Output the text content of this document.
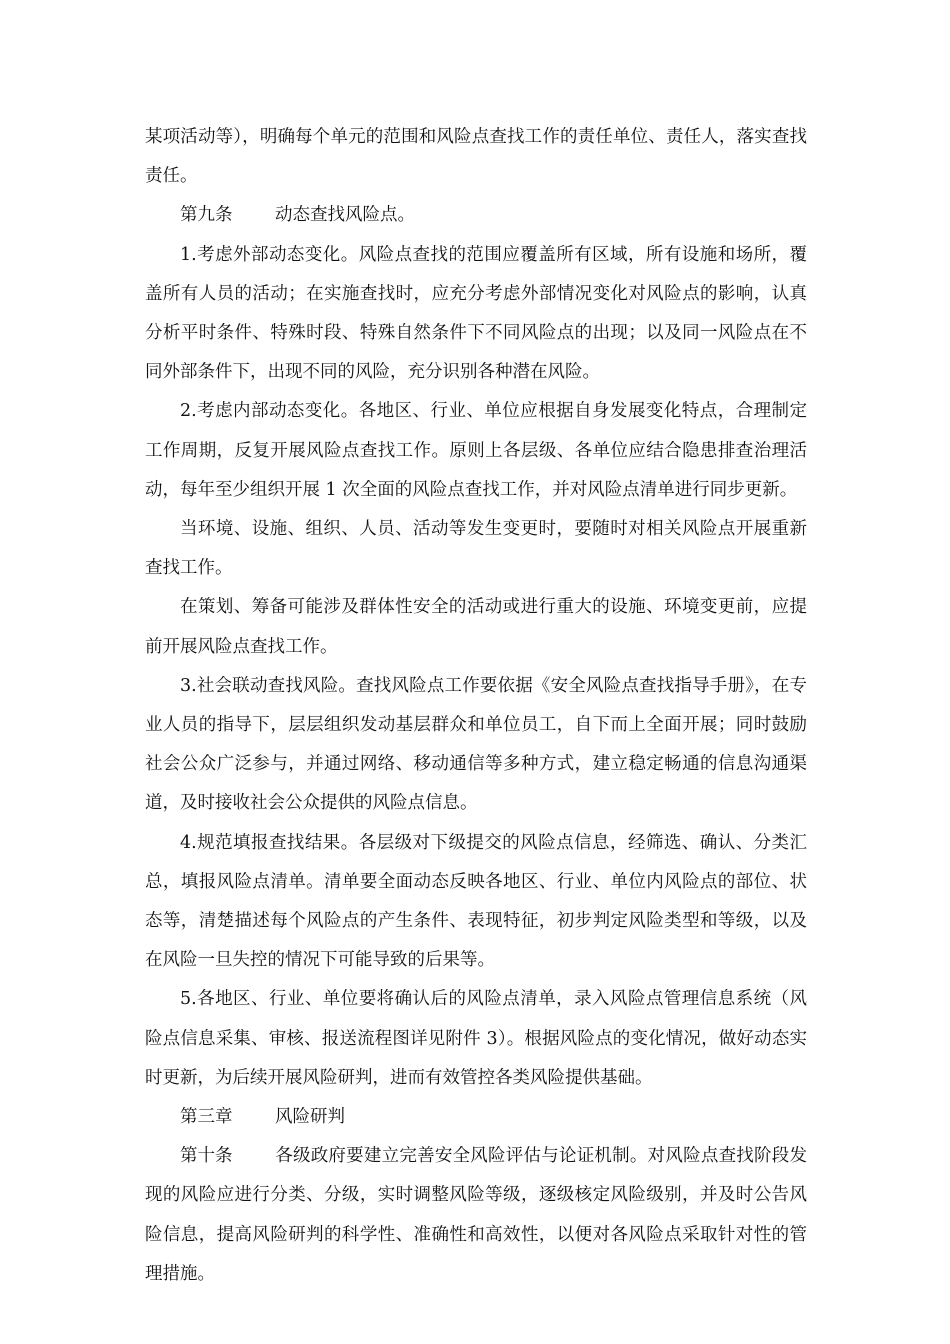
某项活动等），明确每个单元的范围和风险点查找工作的责任单位、责任人，落实查找责任。

第九条 动态查找风险点。

1.考虑外部动态变化。风险点查找的范围应覆盖所有区域，所有设施和场所，覆盖所有人员的活动；在实施查找时，应充分考虑外部情况变化对风险点的影响，认真分析平时条件、特殊时段、特殊自然条件下不同风险点的出现；以及同一风险点在不同外部条件下，出现不同的风险，充分识别各种潜在风险。

2.考虑内部动态变化。各地区、行业、单位应根据自身发展变化特点，合理制定工作周期，反复开展风险点查找工作。原则上各层级、各单位应结合隐患排查治理活动，每年至少组织开展 1 次全面的风险点查找工作，并对风险点清单进行同步更新。

当环境、设施、组织、人员、活动等发生变更时，要随时对相关风险点开展重新查找工作。

在策划、筹备可能涉及群体性安全的活动或进行重大的设施、环境变更前，应提前开展风险点查找工作。

3.社会联动查找风险。查找风险点工作要依据《安全风险点查找指导手册》，在专业人员的指导下，层层组织发动基层群众和单位员工，自下而上全面开展；同时鼓励社会公众广泛参与，并通过网络、移动通信等多种方式，建立稳定畅通的信息沟通渠道，及时接收社会公众提供的风险点信息。

4.规范填报查找结果。各层级对下级提交的风险点信息，经筛选、确认、分类汇总，填报风险点清单。清单要全面动态反映各地区、行业、单位内风险点的部位、状态等，清楚描述每个风险点的产生条件、表现特征，初步判定风险类型和等级，以及在风险一旦失控的情况下可能导致的后果等。

5.各地区、行业、单位要将确认后的风险点清单，录入风险点管理信息系统（风险点信息采集、审核、报送流程图详见附件 3）。根据风险点的变化情况，做好动态实时更新，为后续开展风险研判，进而有效管控各类风险提供基础。

第三章 风险研判

第十条 各级政府要建立完善安全风险评估与论证机制。对风险点查找阶段发现的风险应进行分类、分级，实时调整风险等级，逐级核定风险级别，并及时公告风险信息，提高风险研判的科学性、准确性和高效性，以便对各风险点采取针对性的管理措施。
